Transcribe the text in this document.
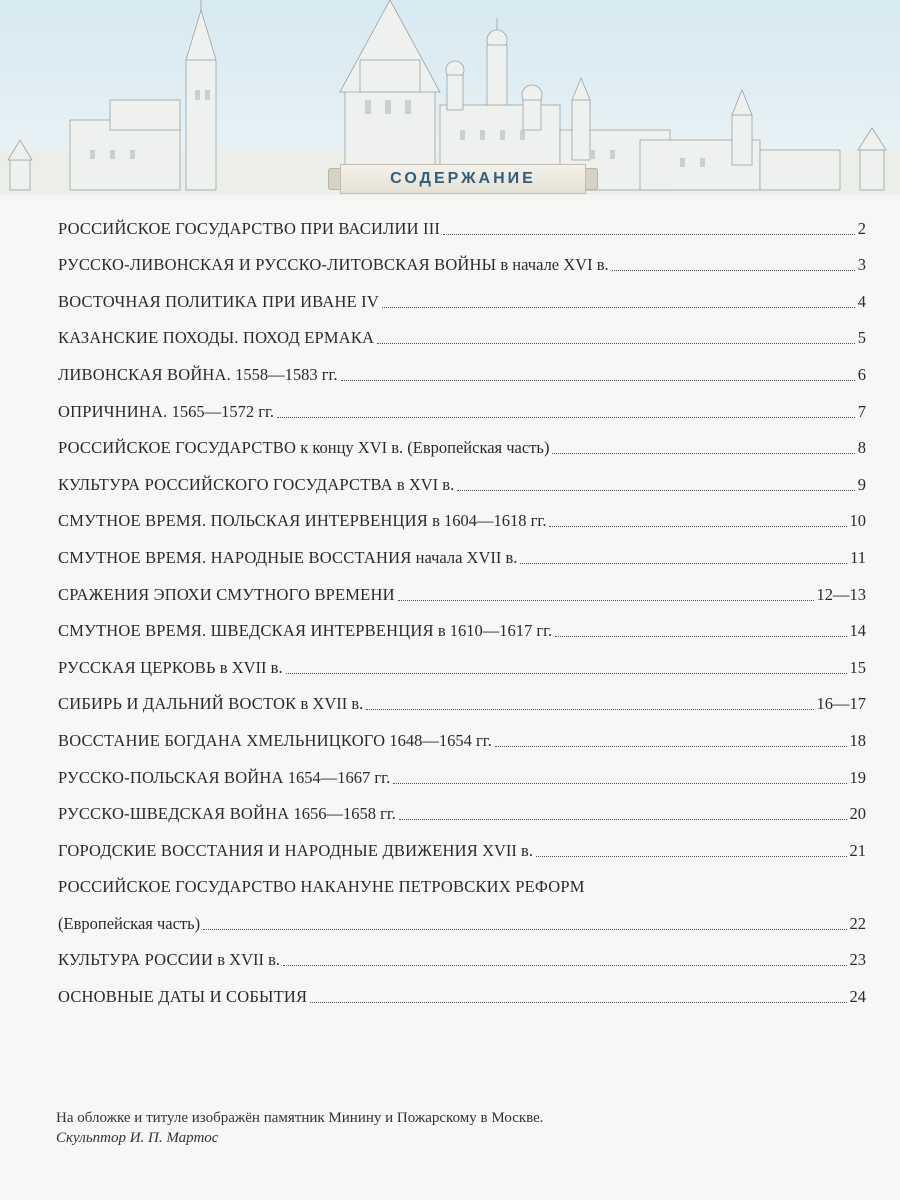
СОДЕРЖАНИЕ
РОССИЙСКОЕ ГОСУДАРСТВО ПРИ ВАСИЛИИ III	2
РУССКО-ЛИВОНСКАЯ И РУССКО-ЛИТОВСКАЯ ВОЙНЫ в начале XVI в.	3
ВОСТОЧНАЯ ПОЛИТИКА ПРИ ИВАНЕ IV	4
КАЗАНСКИЕ ПОХОДЫ. ПОХОД ЕРМАКА	5
ЛИВОНСКАЯ ВОЙНА. 1558—1583 гг.	6
ОПРИЧНИНА. 1565—1572 гг.	7
РОССИЙСКОЕ ГОСУДАРСТВО к концу XVI в. (Европейская часть)	8
КУЛЬТУРА РОССИЙСКОГО ГОСУДАРСТВА в XVI в.	9
СМУТНОЕ ВРЕМЯ. ПОЛЬСКАЯ ИНТЕРВЕНЦИЯ в 1604—1618 гг.	10
СМУТНОЕ ВРЕМЯ. НАРОДНЫЕ ВОССТАНИЯ начала XVII в.	11
СРАЖЕНИЯ ЭПОХИ СМУТНОГО ВРЕМЕНИ	12—13
СМУТНОЕ ВРЕМЯ. ШВЕДСКАЯ ИНТЕРВЕНЦИЯ в 1610—1617 гг.	14
РУССКАЯ ЦЕРКОВЬ в XVII в.	15
СИБИРЬ И ДАЛЬНИЙ ВОСТОК в XVII в.	16—17
ВОССТАНИЕ БОГДАНА ХМЕЛЬНИЦКОГО 1648—1654 гг.	18
РУССКО-ПОЛЬСКАЯ ВОЙНА 1654—1667 гг.	19
РУССКО-ШВЕДСКАЯ ВОЙНА 1656—1658 гг.	20
ГОРОДСКИЕ ВОССТАНИЯ И НАРОДНЫЕ ДВИЖЕНИЯ XVII в.	21
РОССИЙСКОЕ ГОСУДАРСТВО НАКАНУНЕ ПЕТРОВСКИХ РЕФОРМ
(Европейская часть)	22
КУЛЬТУРА РОССИИ в XVII в.	23
ОСНОВНЫЕ ДАТЫ И СОБЫТИЯ	24
На обложке и титуле изображён памятник Минину и Пожарскому в Москве.
Скульптор И. П. Мартос
